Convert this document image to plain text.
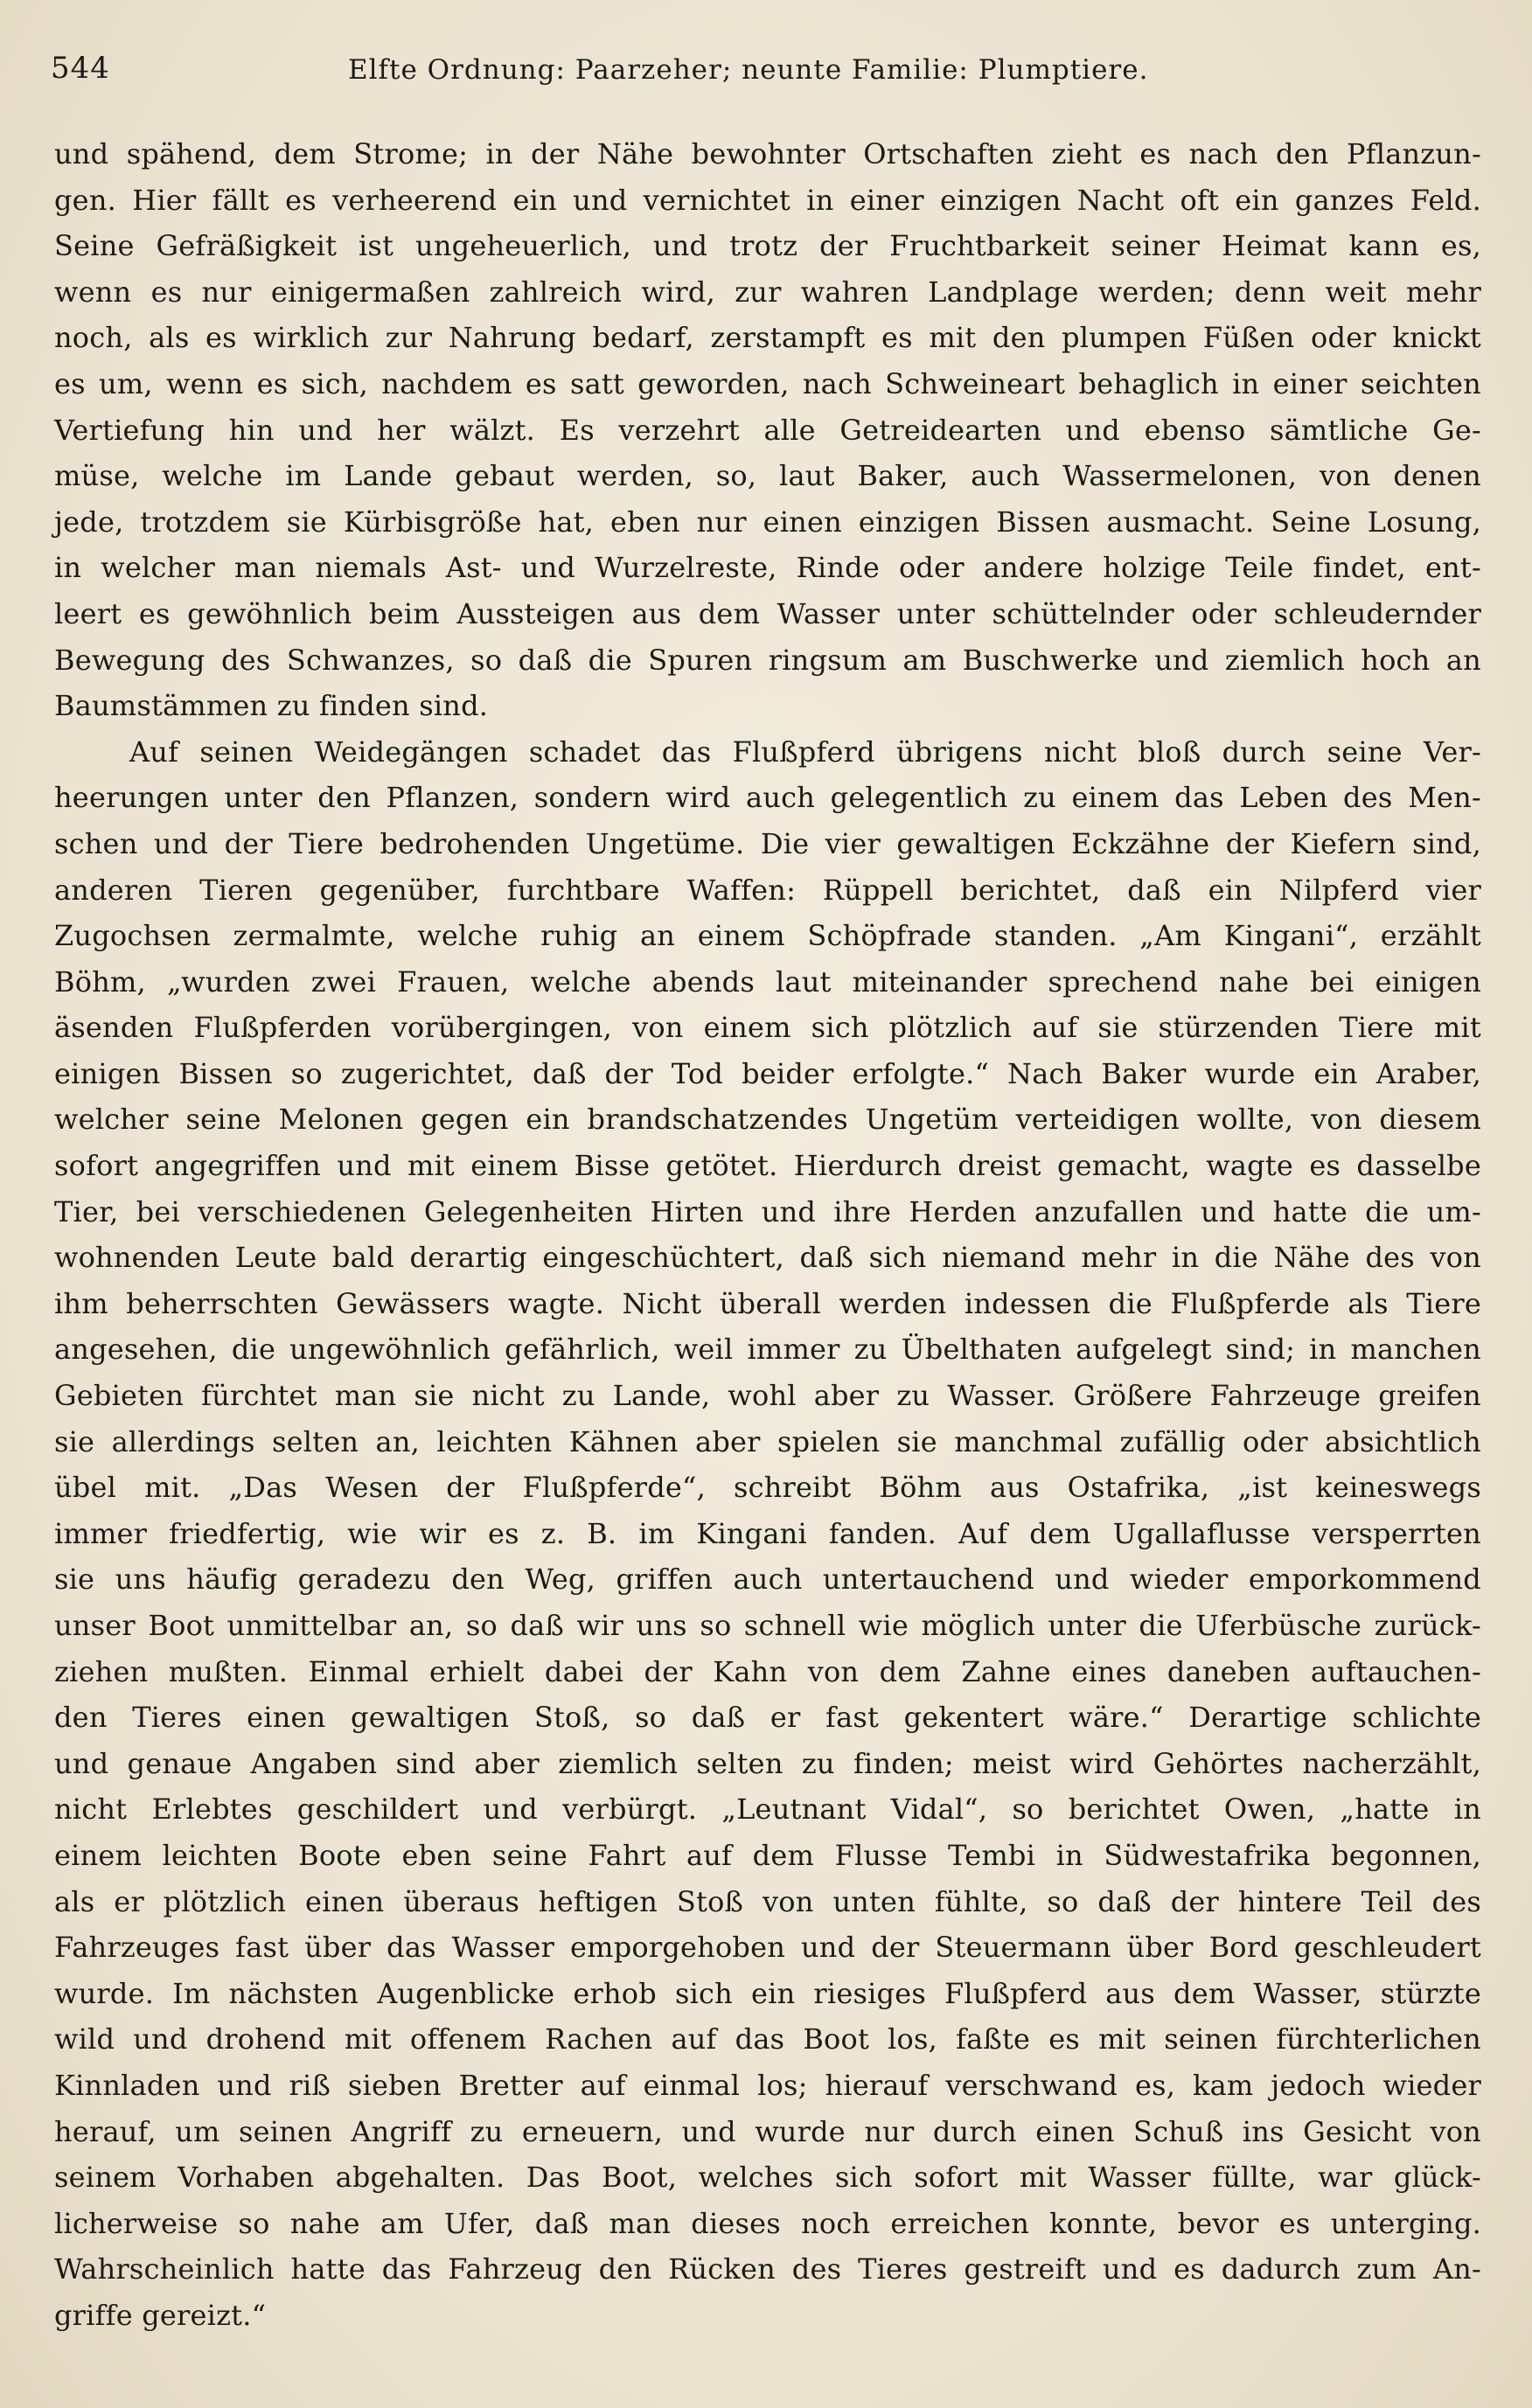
544	Elfte Ordnung: Paarzeher; neunte Familie: Plumptiere.
und spähend, dem Strome; in der Nähe bewohnter Ortschaften zieht es nach den Pflanzun-
gen. Hier fällt es verheerend ein und vernichtet in einer einzigen Nacht oft ein ganzes Feld.
Seine Gefräßigkeit ist ungeheuerlich, und trotz der Fruchtbarkeit seiner Heimat kann es,
wenn es nur einigermaßen zahlreich wird, zur wahren Landplage werden; denn weit mehr
noch, als es wirklich zur Nahrung bedarf, zerstampft es mit den plumpen Füßen oder knickt
es um, wenn es sich, nachdem es satt geworden, nach Schweineart behaglich in einer seichten
Vertiefung hin und her wälzt. Es verzehrt alle Getreidearten und ebenso sämtliche Ge-
müse, welche im Lande gebaut werden, so, laut Baker, auch Wassermelonen, von denen
jede, trotzdem sie Kürbisgröße hat, eben nur einen einzigen Bissen ausmacht. Seine Losung,
in welcher man niemals Ast- und Wurzelreste, Rinde oder andere holzige Teile findet, ent-
leert es gewöhnlich beim Aussteigen aus dem Wasser unter schüttelnder oder schleudernder
Bewegung des Schwanzes, so daß die Spuren ringsum am Buschwerke und ziemlich hoch an
Baumstämmen zu finden sind.
Auf seinen Weidegängen schadet das Flußpferd übrigens nicht bloß durch seine Ver-
heerungen unter den Pflanzen, sondern wird auch gelegentlich zu einem das Leben des Men-
schen und der Tiere bedrohenden Ungetüme. Die vier gewaltigen Eckzähne der Kiefern sind,
anderen Tieren gegenüber, furchtbare Waffen: Rüppell berichtet, daß ein Nilpferd vier
Zugochsen zermalmte, welche ruhig an einem Schöpfrade standen. „Am Kingani“, erzählt
Böhm, „wurden zwei Frauen, welche abends laut miteinander sprechend nahe bei einigen
äsenden Flußpferden vorübergingen, von einem sich plötzlich auf sie stürzenden Tiere mit
einigen Bissen so zugerichtet, daß der Tod beider erfolgte.“ Nach Baker wurde ein Araber,
welcher seine Melonen gegen ein brandschatzendes Ungetüm verteidigen wollte, von diesem
sofort angegriffen und mit einem Bisse getötet. Hierdurch dreist gemacht, wagte es dasselbe
Tier, bei verschiedenen Gelegenheiten Hirten und ihre Herden anzufallen und hatte die um-
wohnenden Leute bald derartig eingeschüchtert, daß sich niemand mehr in die Nähe des von
ihm beherrschten Gewässers wagte. Nicht überall werden indessen die Flußpferde als Tiere
angesehen, die ungewöhnlich gefährlich, weil immer zu Übelthaten aufgelegt sind; in manchen
Gebieten fürchtet man sie nicht zu Lande, wohl aber zu Wasser. Größere Fahrzeuge greifen
sie allerdings selten an, leichten Kähnen aber spielen sie manchmal zufällig oder absichtlich
übel mit. „Das Wesen der Flußpferde“, schreibt Böhm aus Ostafrika, „ist keineswegs
immer friedfertig, wie wir es z. B. im Kingani fanden. Auf dem Ugallaflusse versperrten
sie uns häufig geradezu den Weg, griffen auch untertauchend und wieder emporkommend
unser Boot unmittelbar an, so daß wir uns so schnell wie möglich unter die Uferbüsche zurück-
ziehen mußten. Einmal erhielt dabei der Kahn von dem Zahne eines daneben auftauchen-
den Tieres einen gewaltigen Stoß, so daß er fast gekentert wäre.“ Derartige schlichte
und genaue Angaben sind aber ziemlich selten zu finden; meist wird Gehörtes nacherzählt,
nicht Erlebtes geschildert und verbürgt. „Leutnant Vidal“, so berichtet Owen, „hatte in
einem leichten Boote eben seine Fahrt auf dem Flusse Tembi in Südwestafrika begonnen,
als er plötzlich einen überaus heftigen Stoß von unten fühlte, so daß der hintere Teil des
Fahrzeuges fast über das Wasser emporgehoben und der Steuermann über Bord geschleudert
wurde. Im nächsten Augenblicke erhob sich ein riesiges Flußpferd aus dem Wasser, stürzte
wild und drohend mit offenem Rachen auf das Boot los, faßte es mit seinen fürchterlichen
Kinnladen und riß sieben Bretter auf einmal los; hierauf verschwand es, kam jedoch wieder
herauf, um seinen Angriff zu erneuern, und wurde nur durch einen Schuß ins Gesicht von
seinem Vorhaben abgehalten. Das Boot, welches sich sofort mit Wasser füllte, war glück-
licherweise so nahe am Ufer, daß man dieses noch erreichen konnte, bevor es unterging.
Wahrscheinlich hatte das Fahrzeug den Rücken des Tieres gestreift und es dadurch zum An-
griffe gereizt.“
